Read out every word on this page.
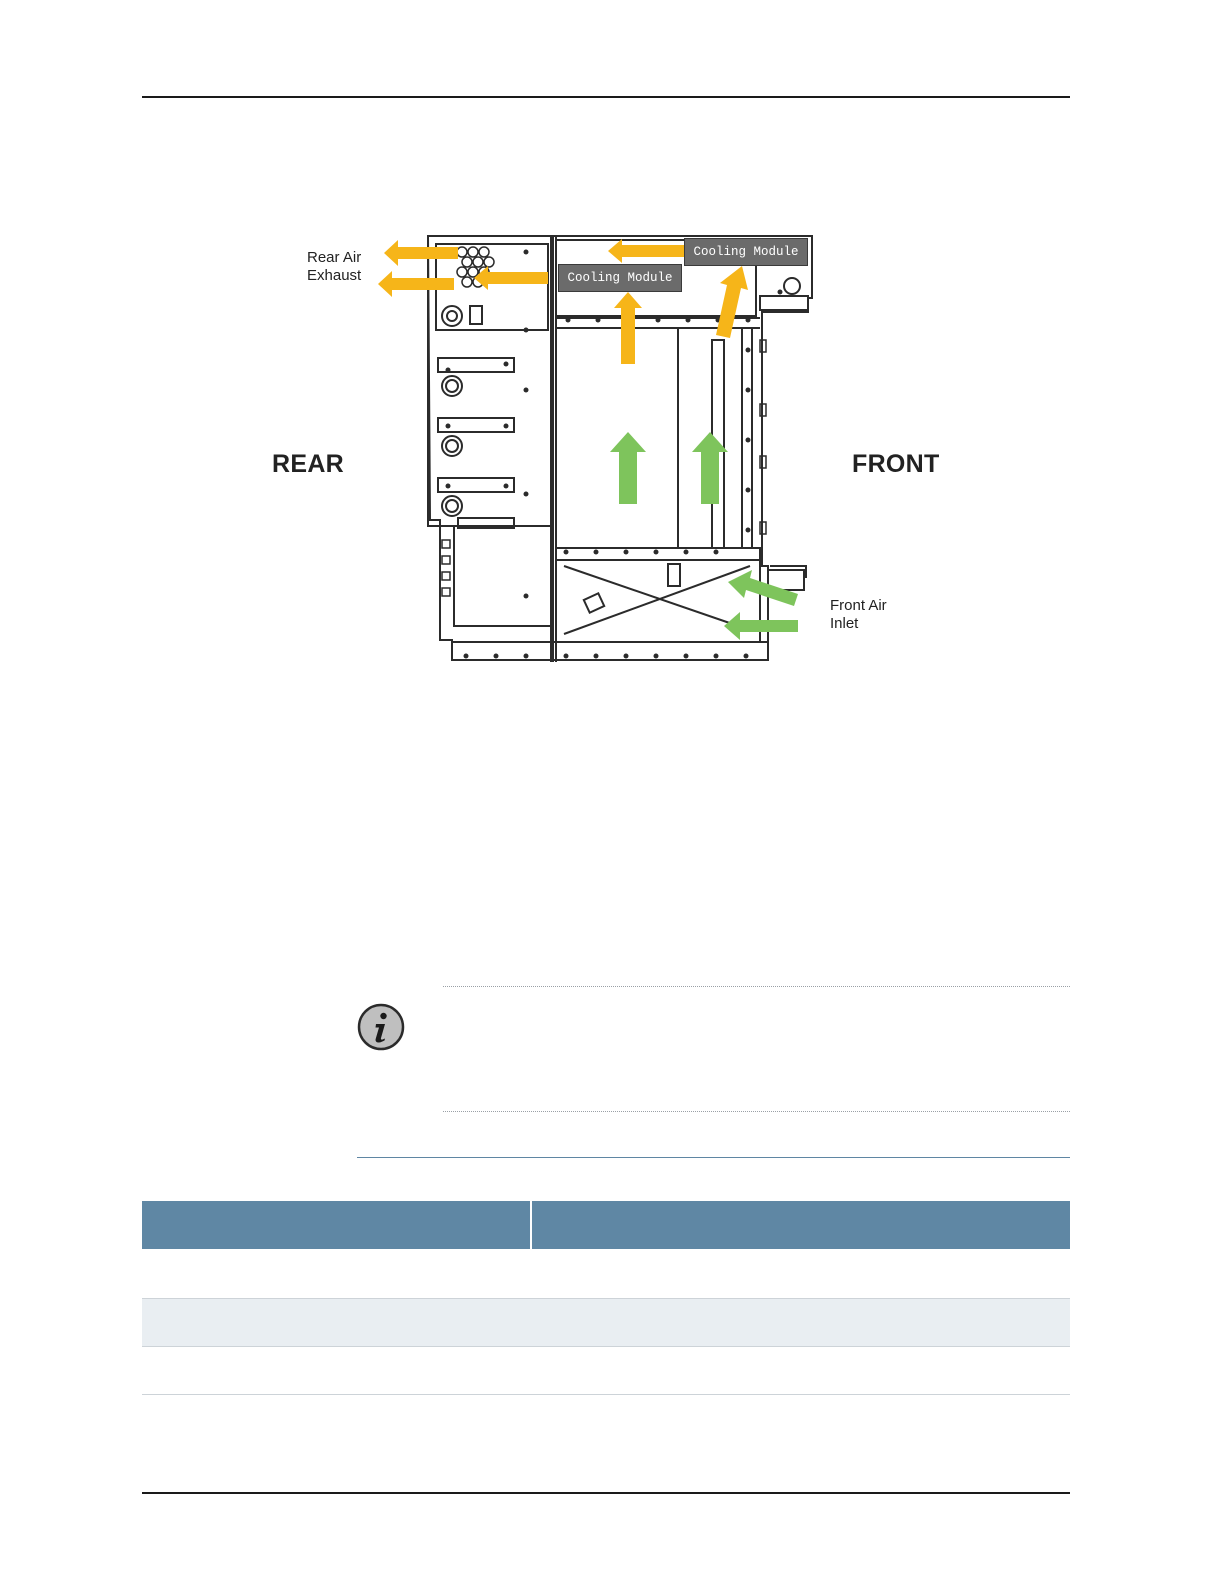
Cooling Module
Cooling Module
Rear Air
Exhaust
REAR	FRONT
Front Air
Inlet
